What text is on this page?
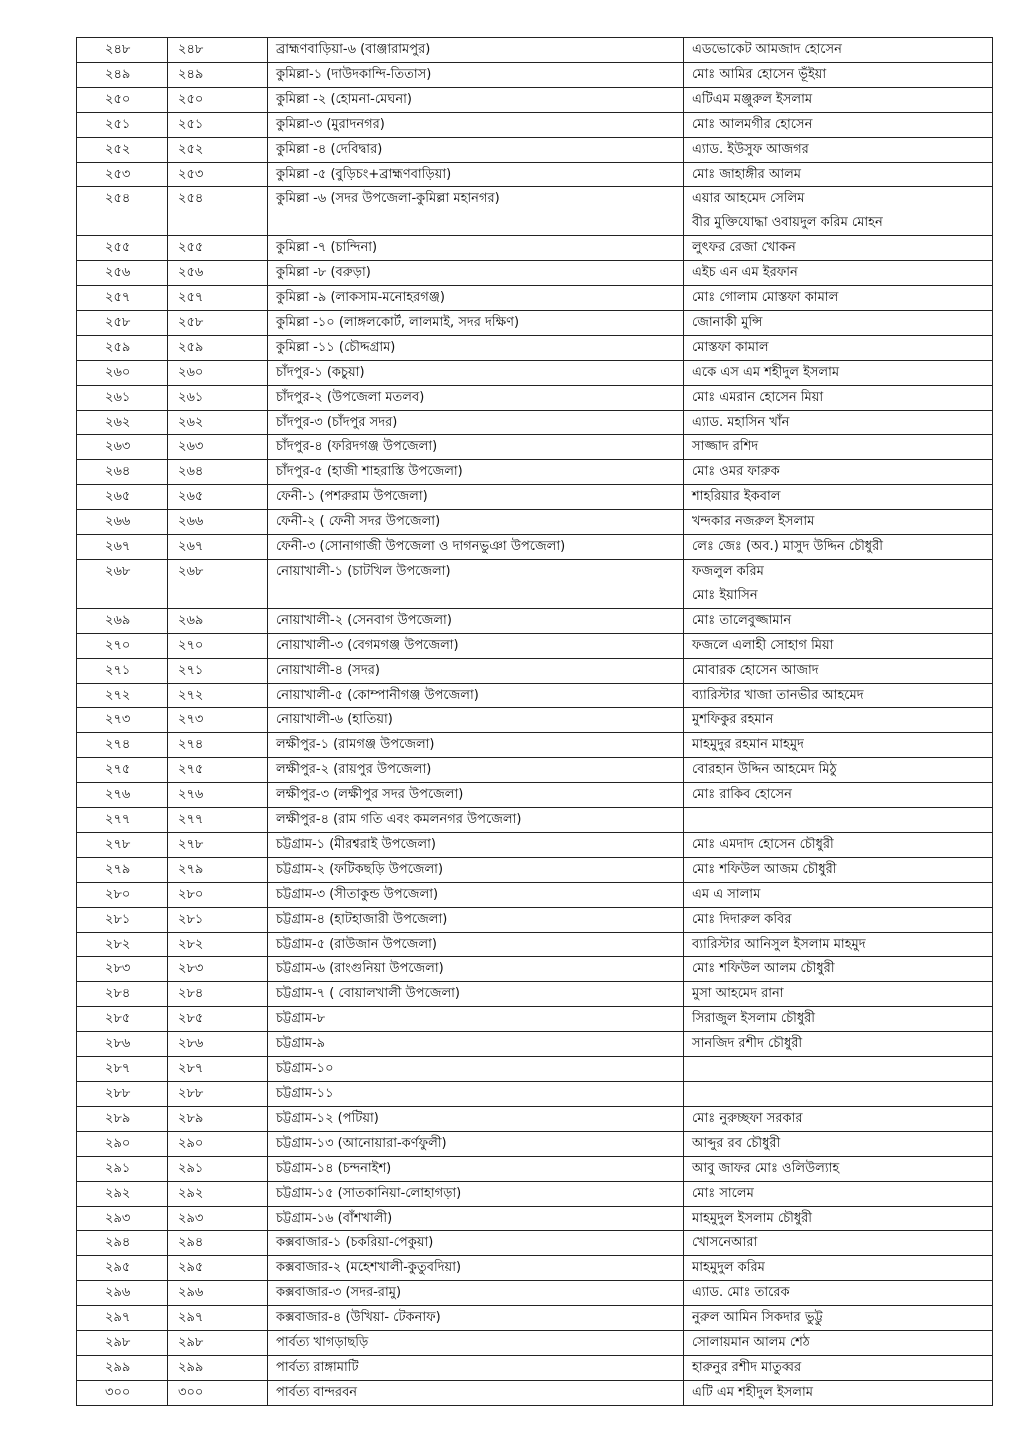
২৪৮	২৪৮	ব্রাহ্মণবাড়িয়া-৬ (বাঞ্জারামপুর)	এডভোকেট আমজাদ হোসেন

২৪৯	২৪৯	কুমিল্লা-১ (দাউদকান্দি-তিতাস)	মোঃ আমির হোসেন ভূঁইয়া

২৫০	২৫০	কুমিল্লা -২ (হোমনা-মেঘনা)	এটিএম মঞ্জুরুল ইসলাম

২৫১	২৫১	কুমিল্লা-৩ (মুরাদনগর)	মোঃ আলমগীর হোসেন

২৫২	২৫২	কুমিল্লা -৪ (দেবিদ্বার)	এ্যাড. ইউসুফ আজগর

২৫৩	২৫৩	কুমিল্লা -৫ (বুড়িচং+ব্রাহ্মণবাড়িয়া)	মোঃ জাহাঙ্গীর আলম

২৫৪	২৫৪	কুমিল্লা -৬ (সদর উপজেলা-কুমিল্লা মহানগর)	এয়ার আহমেদ সেলিম
বীর মুক্তিযোদ্ধা ওবায়দুল করিম মোহন

২৫৫	২৫৫	কুমিল্লা -৭ (চান্দিনা)	লুৎফর রেজা খোকন

২৫৬	২৫৬	কুমিল্লা -৮ (বরুড়া)	এইচ এন এম ইরফান

২৫৭	২৫৭	কুমিল্লা -৯ (লাকসাম-মনোহরগঞ্জ)	মোঃ গোলাম মোস্তফা কামাল

২৫৮	২৫৮	কুমিল্লা -১০ (লাঙ্গলকোর্ট, লালমাই, সদর দক্ষিণ)	জোনাকী মুন্সি

২৫৯	২৫৯	কুমিল্লা -১১ (চৌদ্দগ্রাম)	মোস্তফা কামাল

২৬০	২৬০	চাঁদপুর-১ (কচুয়া)	একে এস এম শহীদুল ইসলাম

২৬১	২৬১	চাঁদপুর-২ (উপজেলা মতলব)	মোঃ এমরান হোসেন মিয়া

২৬২	২৬২	চাঁদপুর-৩ (চাঁদপুর সদর)	এ্যাড. মহাসিন খাঁন

২৬৩	২৬৩	চাঁদপুর-৪ (ফরিদগঞ্জ উপজেলা)	সাজ্জাদ রশিদ

২৬৪	২৬৪	চাঁদপুর-৫ (হাজী শাহরাস্তি উপজেলা)	মোঃ ওমর ফারুক

২৬৫	২৬৫	ফেনী-১ (পশরুরাম উপজেলা)	শাহরিয়ার ইকবাল

২৬৬	২৬৬	ফেনী-২ ( ফেনী সদর উপজেলা)	খন্দকার নজরুল ইসলাম

২৬৭	২৬৭	ফেনী-৩ (সোনাগাজী উপজেলা ও দাগনভুঞা উপজেলা)	লেঃ জেঃ (অব.) মাসুদ উদ্দিন চৌধুরী

২৬৮	২৬৮	নোয়াখালী-১ (চাটখিল উপজেলা)	ফজলুল করিম
মোঃ ইয়াসিন

২৬৯	২৬৯	নোয়াখালী-২ (সেনবাগ উপজেলা)	মোঃ তালেবুজ্জামান

২৭০	২৭০	নোয়াখালী-৩ (বেগমগঞ্জ উপজেলা)	ফজলে এলাহী সোহাগ মিয়া

২৭১	২৭১	নোয়াখালী-৪ (সদর)	মোবারক হোসেন আজাদ

২৭২	২৭২	নোয়াখালী-৫ (কোম্পানীগঞ্জ উপজেলা)	ব্যারিস্টার খাজা তানভীর আহমেদ

২৭৩	২৭৩	নোয়াখালী-৬ (হাতিয়া)	মুশফিকুর রহমান

২৭৪	২৭৪	লক্ষীপুর-১ (রামগঞ্জ উপজেলা)	মাহমুদুর রহমান মাহমুদ

২৭৫	২৭৫	লক্ষীপুর-২ (রায়পুর উপজেলা)	বোরহান উদ্দিন আহমেদ মিঠু

২৭৬	২৭৬	লক্ষীপুর-৩ (লক্ষীপুর সদর উপজেলা)	মোঃ রাকিব হোসেন

২৭৭	২৭৭	লক্ষীপুর-৪ (রাম গতি এবং কমলনগর উপজেলা)	

২৭৮	২৭৮	চট্টগ্রাম-১ (মীরশ্বরাই উপজেলা)	মোঃ এমদাদ হোসেন চৌধুরী

২৭৯	২৭৯	চট্টগ্রাম-২ (ফটিকছড়ি উপজেলা)	মোঃ শফিউল আজম চৌধুরী

২৮০	২৮০	চট্টগ্রাম-৩ (সীতাকুন্ড উপজেলা)	এম এ সালাম

২৮১	২৮১	চট্টগ্রাম-৪ (হাটহাজারী উপজেলা)	মোঃ দিদারুল কবির

২৮২	২৮২	চট্টগ্রাম-৫ (রাউজান উপজেলা)	ব্যারিস্টার আনিসুল ইসলাম মাহমুদ

২৮৩	২৮৩	চট্টগ্রাম-৬ (রাংগুনিয়া উপজেলা)	মোঃ শফিউল আলম চৌধুরী

২৮৪	২৮৪	চট্টগ্রাম-৭ ( বোয়ালখালী উপজেলা)	মুসা আহমেদ রানা

২৮৫	২৮৫	চট্টগ্রাম-৮	সিরাজুল ইসলাম চৌধুরী

২৮৬	২৮৬	চট্টগ্রাম-৯	সানজিদ রশীদ চৌধুরী

২৮৭	২৮৭	চট্টগ্রাম-১০	

২৮৮	২৮৮	চট্টগ্রাম-১১	

২৮৯	২৮৯	চট্টগ্রাম-১২ (পটিয়া)	মোঃ নুরুচ্ছফা সরকার

২৯০	২৯০	চট্টগ্রাম-১৩ (আনোয়ারা-কর্ণফুলী)	আব্দুর রব চৌধুরী

২৯১	২৯১	চট্টগ্রাম-১৪ (চন্দনাইশ)	আবু জাফর মোঃ ওলিউল্যাহ

২৯২	২৯২	চট্টগ্রাম-১৫ (সাতকানিয়া-লোহাগড়া)	মোঃ সালেম

২৯৩	২৯৩	চট্টগ্রাম-১৬ (বাঁশখালী)	মাহমুদুল ইসলাম চৌধুরী

২৯৪	২৯৪	কক্সবাজার-১ (চকরিয়া-পেকুয়া)	খোসনেআরা

২৯৫	২৯৫	কক্সবাজার-২ (মহেশখালী-কুতুবদিয়া)	মাহমুদুল করিম

২৯৬	২৯৬	কক্সবাজার-৩ (সদর-রামু)	এ্যাড. মোঃ তারেক

২৯৭	২৯৭	কক্সবাজার-৪ (উখিয়া- টেকনাফ)	নুরুল আমিন সিকদার ভুট্টু

২৯৮	২৯৮	পার্বত্য খাগড়াছড়ি	সোলায়মান আলম শেঠ

২৯৯	২৯৯	পার্বত্য রাঙ্গামাটি	হারুনুর রশীদ মাতুব্বর

৩০০	৩০০	পার্বত্য বান্দরবন	এটি এম শহীদুল ইসলাম
